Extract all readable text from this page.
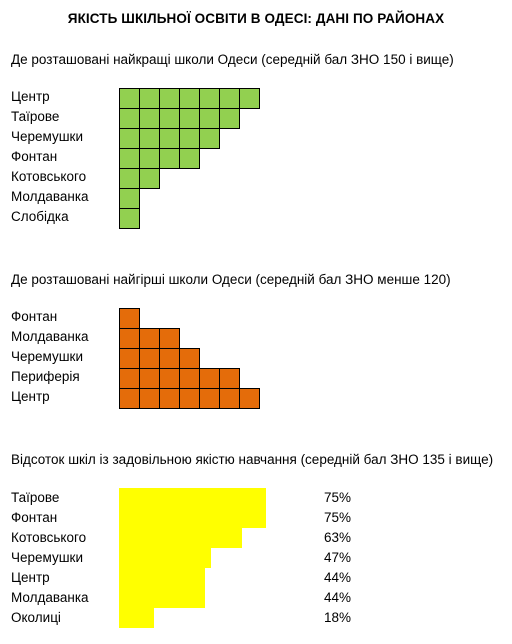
ЯКІСТЬ ШКІЛЬНОЇ ОСВІТИ В ОДЕСІ: ДАНІ ПО РАЙОНАХ
Де розташовані найкращі школи Одеси (середній бал ЗНО 150 і вище)
Центр
Таїрове
Черемушки
Фонтан
Котовського
Молдаванка
Слобідка
Де розташовані найгірші школи Одеси (середній бал ЗНО менше 120)
Фонтан
Молдаванка
Черемушки
Периферія
Центр
Відсоток шкіл із задовільною якістю навчання (середній бал ЗНО 135 і вище)
Таїрове	75%
Фонтан	75%
Котовського	63%
Черемушки	47%
Центр	44%
Молдаванка	44%
Околиці	18%
